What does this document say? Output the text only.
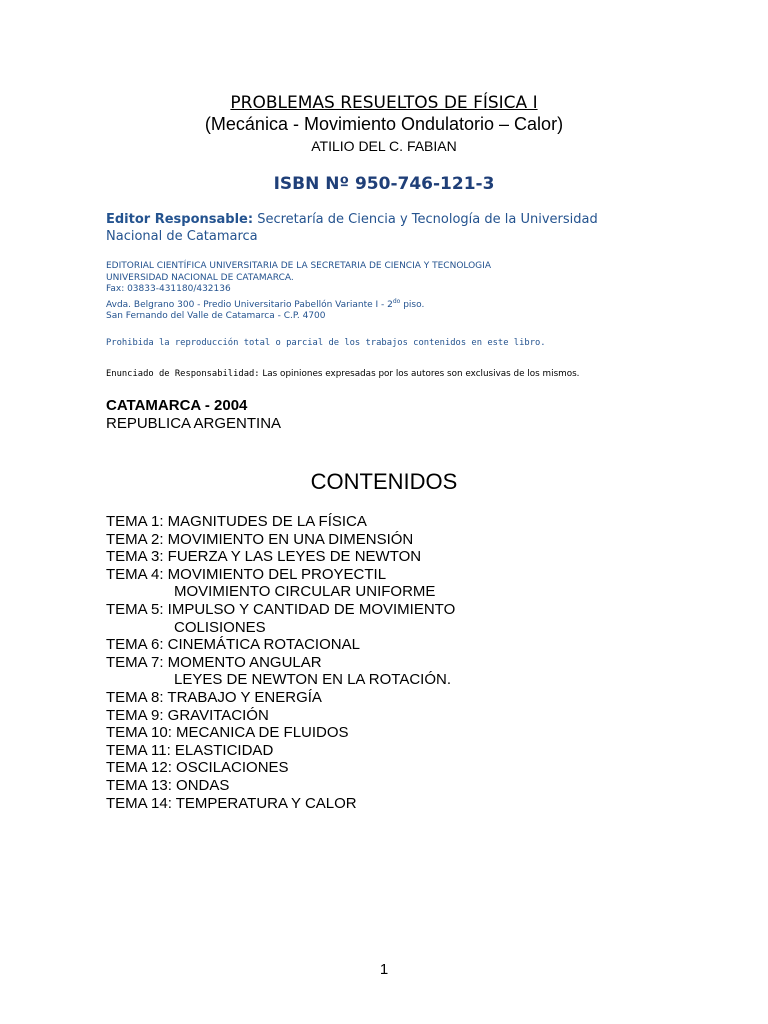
PROBLEMAS RESUELTOS DE FÍSICA I
(Mecánica - Movimiento Ondulatorio – Calor)
ATILIO DEL C. FABIAN
ISBN Nº 950-746-121-3
Editor Responsable: Secretaría de Ciencia y Tecnología de la Universidad
Nacional de Catamarca
EDITORIAL CIENTÍFICA UNIVERSITARIA DE LA SECRETARIA DE CIENCIA Y TECNOLOGIA
UNIVERSIDAD NACIONAL DE CATAMARCA.
Fax: 03833-431180/432136
Avda. Belgrano 300 - Predio Universitario Pabellón Variante I - $2^{do}$ piso.
San Fernando del Valle de Catamarca - C.P. 4700
Prohibida la reproducción total o parcial de los trabajos contenidos en este libro.
Enunciado de Responsabilidad: Las opiniones expresadas por los autores son exclusivas de los mismos.
CATAMARCA - 2004
REPUBLICA ARGENTINA
CONTENIDOS
TEMA 1: MAGNITUDES DE LA FÍSICA
TEMA 2: MOVIMIENTO EN UNA DIMENSIÓN
TEMA 3: FUERZA Y LAS LEYES DE NEWTON
TEMA 4: MOVIMIENTO DEL PROYECTIL
MOVIMIENTO CIRCULAR UNIFORME
TEMA 5: IMPULSO Y CANTIDAD DE MOVIMIENTO
COLISIONES
TEMA 6: CINEMÁTICA ROTACIONAL
TEMA 7: MOMENTO ANGULAR
LEYES DE NEWTON EN LA ROTACIÓN.
TEMA 8: TRABAJO Y ENERGÍA
TEMA 9: GRAVITACIÓN
TEMA 10: MECANICA DE FLUIDOS
TEMA 11: ELASTICIDAD
TEMA 12: OSCILACIONES
TEMA 13: ONDAS
TEMA 14: TEMPERATURA Y CALOR
1
